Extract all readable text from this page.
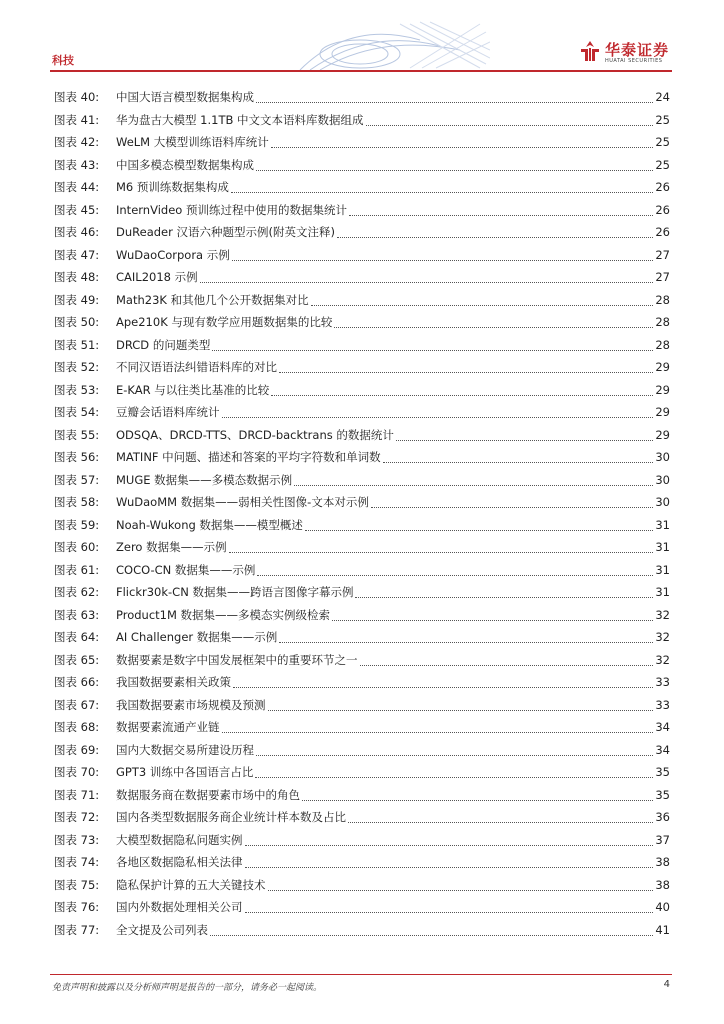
科技
华泰证券
HUATAI SECURITIES
图表 40:	中国大语言模型数据集构成	24
图表 41:	华为盘古大模型 1.1TB 中文文本语料库数据组成	25
图表 42:	WeLM 大模型训练语料库统计	25
图表 43:	中国多模态模型数据集构成	25
图表 44:	M6 预训练数据集构成	26
图表 45:	InternVideo 预训练过程中使用的数据集统计	26
图表 46:	DuReader 汉语六种题型示例(附英文注释)	26
图表 47:	WuDaoCorpora 示例	27
图表 48:	CAIL2018 示例	27
图表 49:	Math23K 和其他几个公开数据集对比	28
图表 50:	Ape210K 与现有数学应用题数据集的比较	28
图表 51:	DRCD 的问题类型	28
图表 52:	不同汉语语法纠错语料库的对比	29
图表 53:	E-KAR 与以往类比基准的比较	29
图表 54:	豆瓣会话语料库统计	29
图表 55:	ODSQA、DRCD-TTS、DRCD-backtrans 的数据统计	29
图表 56:	MATINF 中问题、描述和答案的平均字符数和单词数	30
图表 57:	MUGE 数据集——多模态数据示例	30
图表 58:	WuDaoMM 数据集——弱相关性图像-文本对示例	30
图表 59:	Noah-Wukong 数据集——模型概述	31
图表 60:	Zero 数据集——示例	31
图表 61:	COCO-CN 数据集——示例	31
图表 62:	Flickr30k-CN 数据集——跨语言图像字幕示例	31
图表 63:	Product1M 数据集——多模态实例级检索	32
图表 64:	AI Challenger 数据集——示例	32
图表 65:	数据要素是数字中国发展框架中的重要环节之一	32
图表 66:	我国数据要素相关政策	33
图表 67:	我国数据要素市场规模及预测	33
图表 68:	数据要素流通产业链	34
图表 69:	国内大数据交易所建设历程	34
图表 70:	GPT3 训练中各国语言占比	35
图表 71:	数据服务商在数据要素市场中的角色	35
图表 72:	国内各类型数据服务商企业统计样本数及占比	36
图表 73:	大模型数据隐私问题实例	37
图表 74:	各地区数据隐私相关法律	38
图表 75:	隐私保护计算的五大关键技术	38
图表 76:	国内外数据处理相关公司	40
图表 77:	全文提及公司列表	41
免责声明和披露以及分析师声明是报告的一部分，请务必一起阅读。	4
